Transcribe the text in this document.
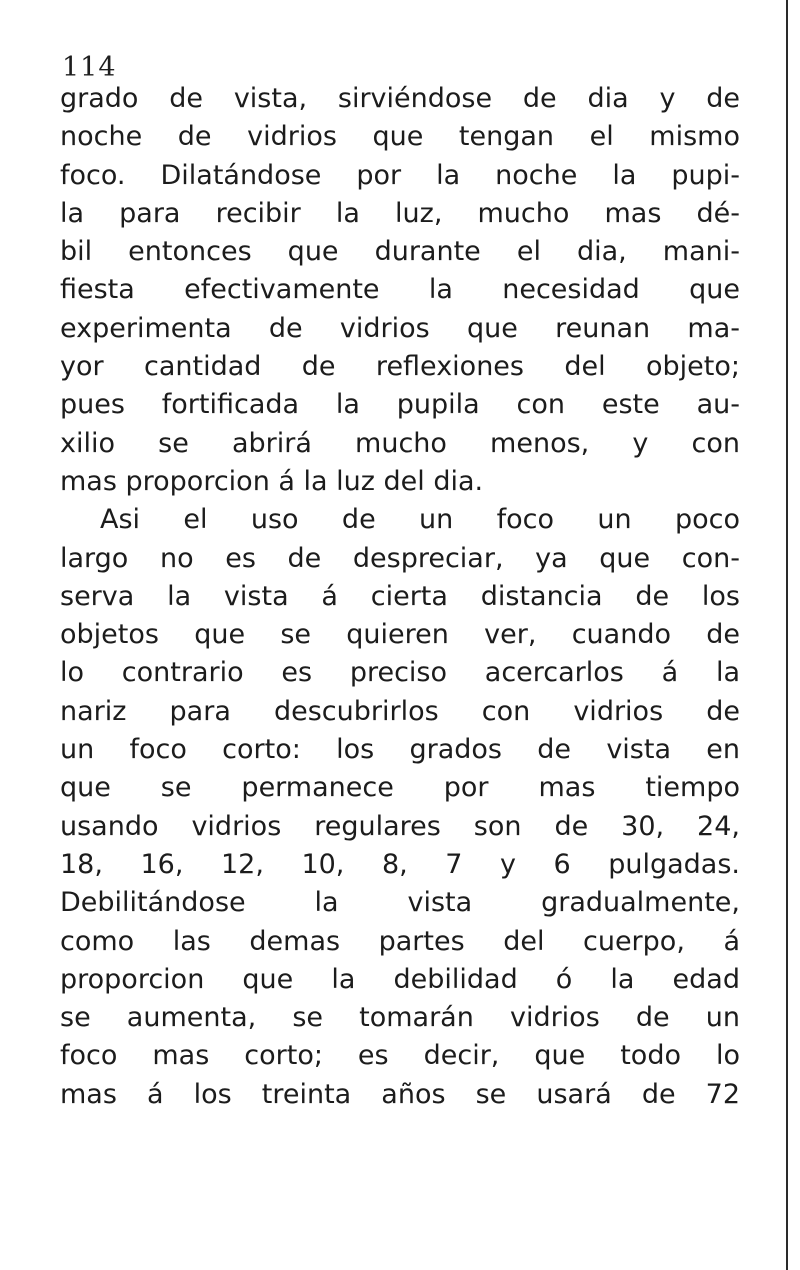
114
grado de vista, sirviéndose de dia y de
noche de vidrios que tengan el mismo
foco. Dilatándose por la noche la pupi-
la para recibir la luz, mucho mas dé-
bil entonces que durante el dia, mani-
fiesta efectivamente la necesidad que
experimenta de vidrios que reunan ma-
yor cantidad de reflexiones del objeto;
pues fortificada la pupila con este au-
xilio se abrirá mucho menos, y con
mas proporcion á la luz del dia.
Asi el uso de un foco un poco
largo no es de despreciar, ya que con-
serva la vista á cierta distancia de los
objetos que se quieren ver, cuando de
lo contrario es preciso acercarlos á la
nariz para descubrirlos con vidrios de
un foco corto: los grados de vista en
que se permanece por mas tiempo
usando vidrios regulares son de 30, 24,
18, 16, 12, 10, 8, 7 y 6 pulgadas.
Debilitándose la vista gradualmente,
como las demas partes del cuerpo, á
proporcion que la debilidad ó la edad
se aumenta, se tomarán vidrios de un
foco mas corto; es decir, que todo lo
mas á los treinta años se usará de 72
